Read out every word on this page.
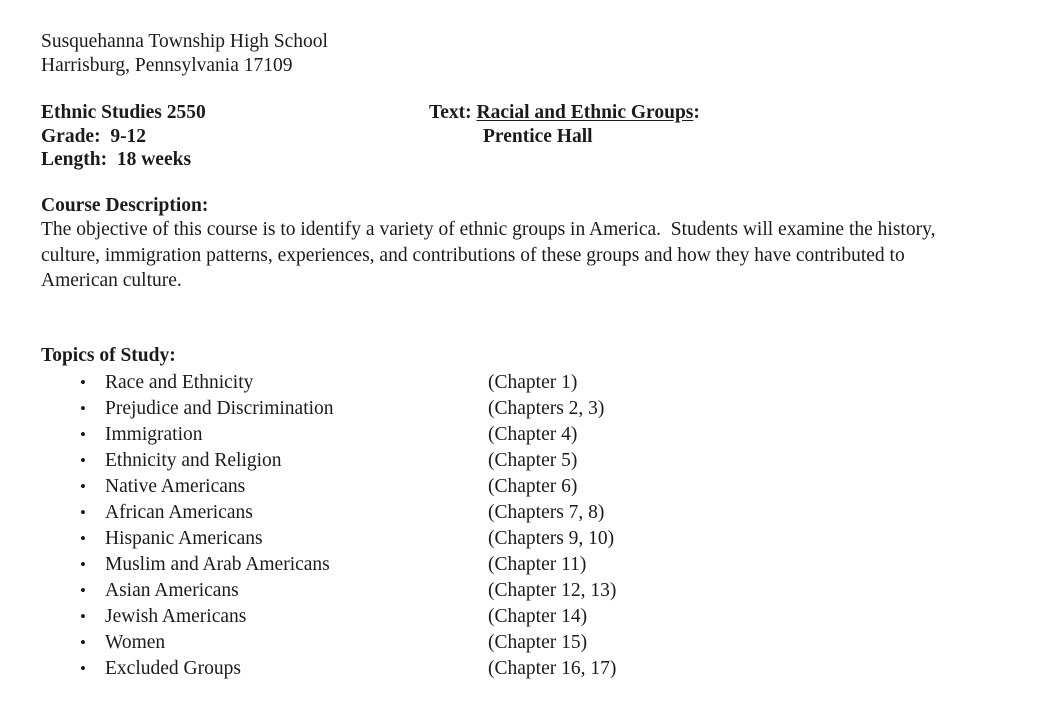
Susquehanna Township High School
Harrisburg, Pennsylvania 17109
Ethnic Studies 2550
Grade:  9-12
Length:  18 weeks
Text: Racial and Ethnic Groups:
Prentice Hall
Course Description:

The objective of this course is to identify a variety of ethnic groups in America.  Students will examine the history, culture, immigration patterns, experiences, and contributions of these groups and how they have contributed to American culture.

Topics of Study:
• Race and Ethnicity	(Chapter 1)
• Prejudice and Discrimination	(Chapters 2, 3)
• Immigration	(Chapter 4)
• Ethnicity and Religion	(Chapter 5)
• Native Americans	(Chapter 6)
• African Americans	(Chapters 7, 8)
• Hispanic Americans	(Chapters 9, 10)
• Muslim and Arab Americans	(Chapter 11)
• Asian Americans	(Chapter 12, 13)
• Jewish Americans	(Chapter 14)
• Women	(Chapter 15)
• Excluded Groups	(Chapter 16, 17)
